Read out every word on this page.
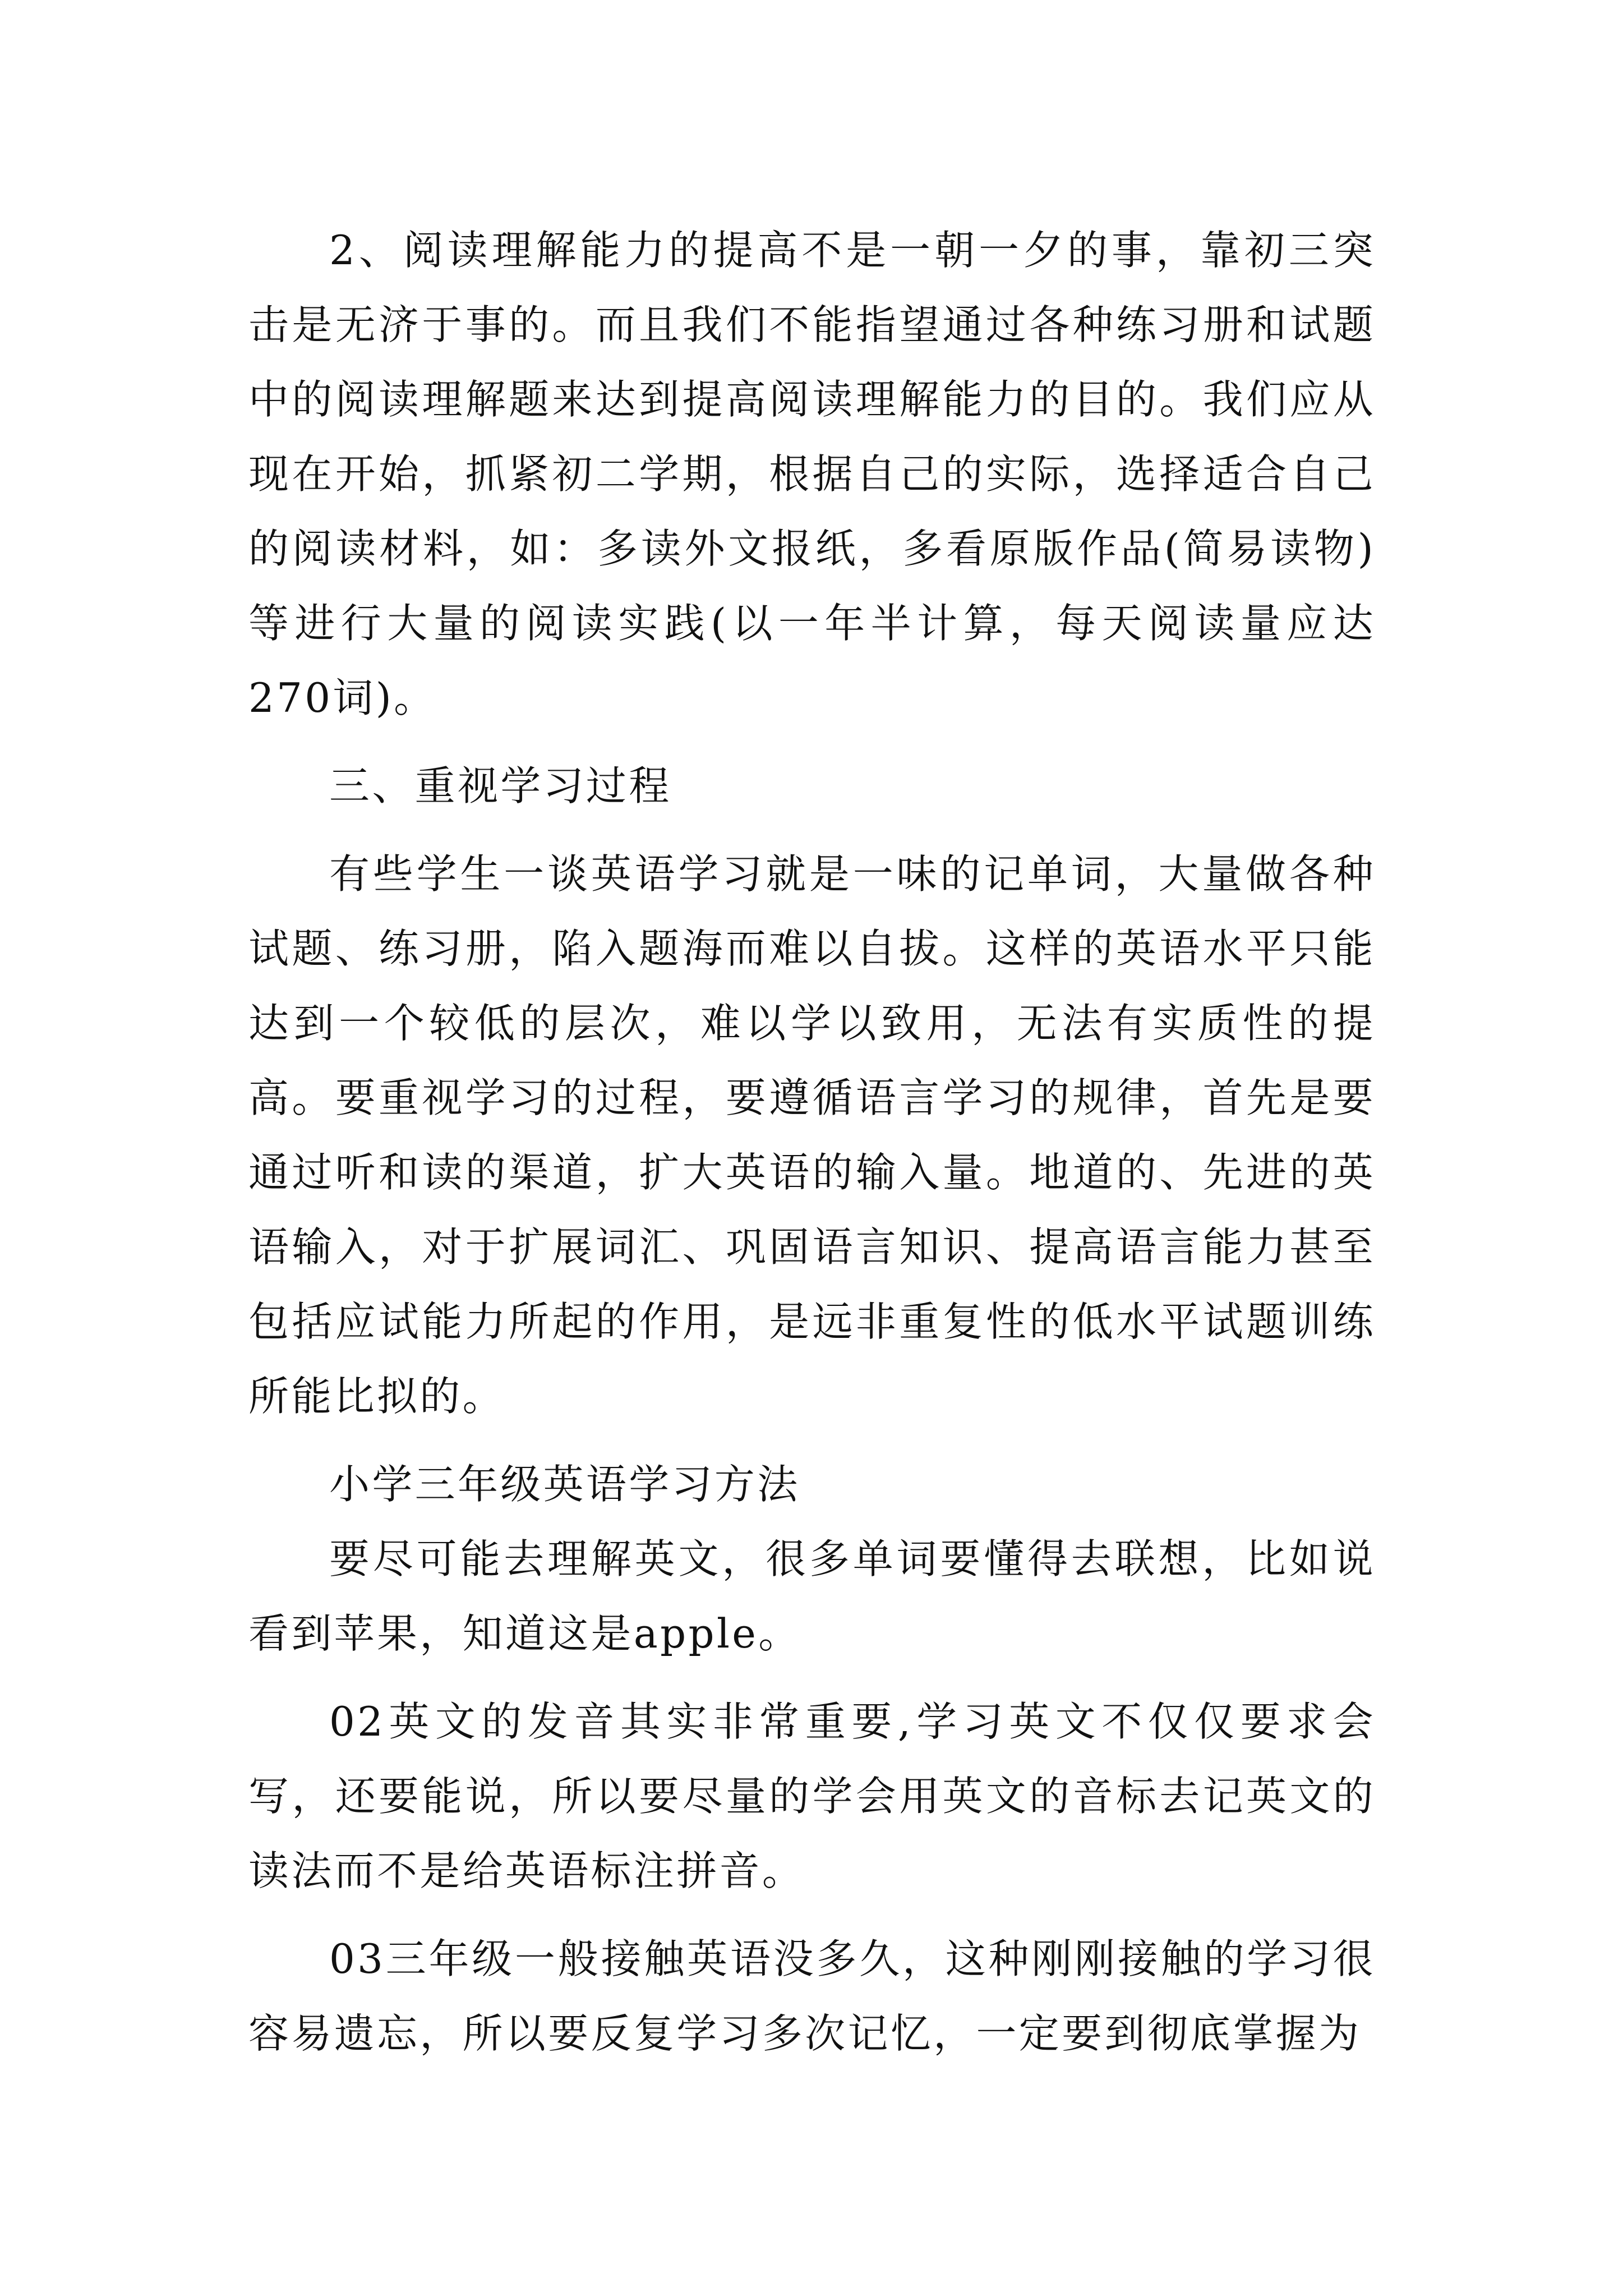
2、阅读理解能力的提高不是一朝一夕的事，靠初三突击是无济于事的。而且我们不能指望通过各种练习册和试题中的阅读理解题来达到提高阅读理解能力的目的。我们应从现在开始，抓紧初二学期，根据自己的实际，选择适合自己的阅读材料，如：多读外文报纸，多看原版作品(简易读物)等进行大量的阅读实践(以一年半计算，每天阅读量应达270词)。

三、重视学习过程

有些学生一谈英语学习就是一味的记单词，大量做各种试题、练习册，陷入题海而难以自拔。这样的英语水平只能达到一个较低的层次，难以学以致用，无法有实质性的提高。要重视学习的过程，要遵循语言学习的规律，首先是要通过听和读的渠道，扩大英语的输入量。地道的、先进的英语输入，对于扩展词汇、巩固语言知识、提高语言能力甚至包括应试能力所起的作用，是远非重复性的低水平试题训练所能比拟的。

小学三年级英语学习方法

要尽可能去理解英文，很多单词要懂得去联想，比如说看到苹果，知道这是apple。

02英文的发音其实非常重要,学习英文不仅仅要求会写，还要能说，所以要尽量的学会用英文的音标去记英文的读法而不是给英语标注拼音。

03三年级一般接触英语没多久，这种刚刚接触的学习很容易遗忘，所以要反复学习多次记忆，一定要到彻底掌握为
